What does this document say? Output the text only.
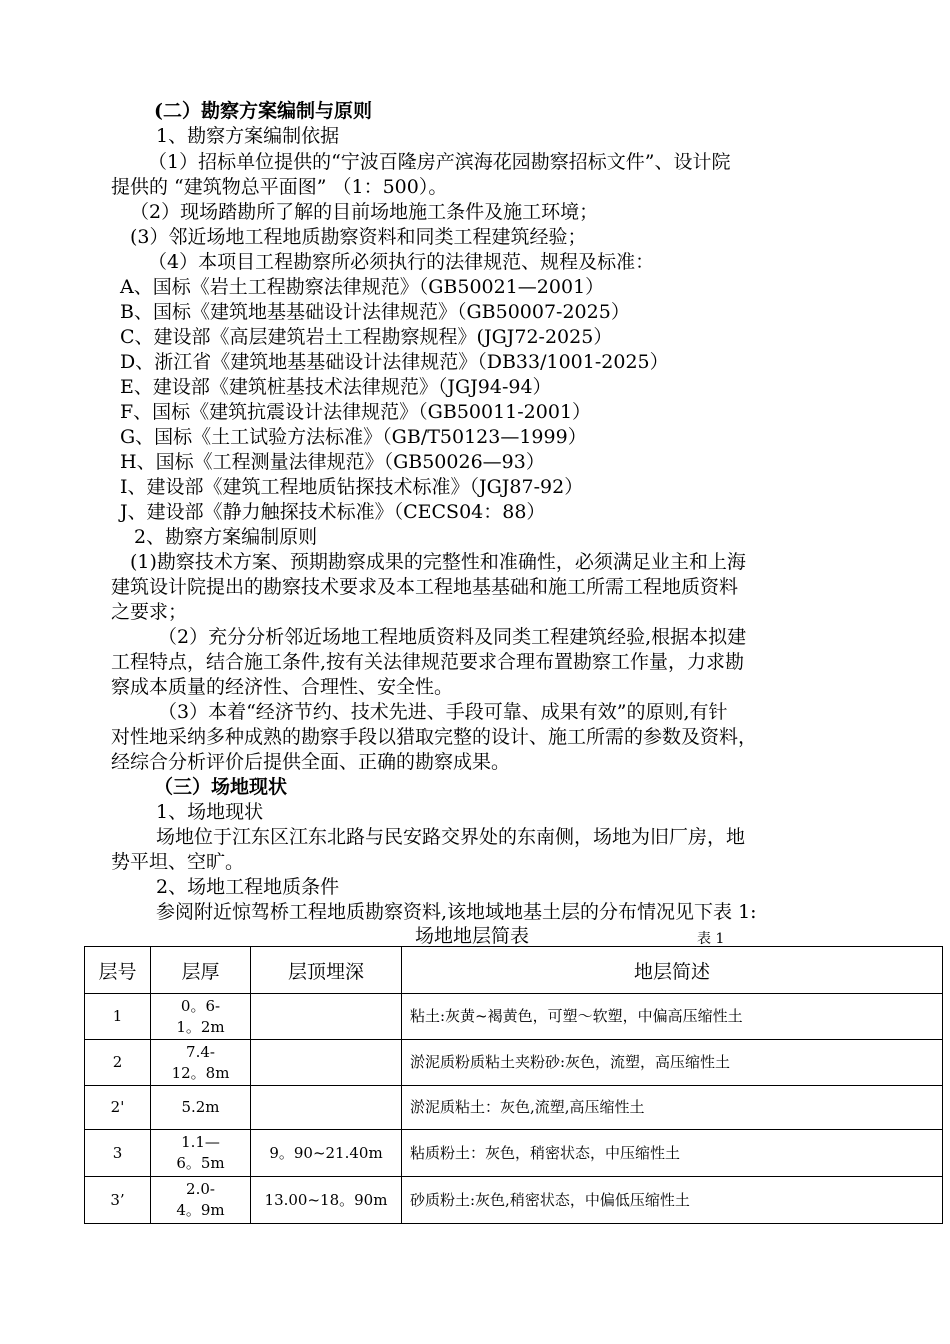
(二）勘察方案编制与原则
1、勘察方案编制依据
（1）招标单位提供的“宁波百隆房产滨海花园勘察招标文件”、设计院
提供的 “建筑物总平面图” （1：500）。
（2）现场踏勘所了解的目前场地施工条件及施工环境；
(3）邻近场地工程地质勘察资料和同类工程建筑经验；
（4）本项目工程勘察所必须执行的法律规范、规程及标准：
A、国标《岩土工程勘察法律规范》（GB50021—2001）
B、国标《建筑地基基础设计法律规范》（GB50007-2025）
C、建设部《高层建筑岩土工程勘察规程》(JGJ72-2025）
D、浙江省《建筑地基基础设计法律规范》（DB33/1001-2025）
E、建设部《建筑桩基技术法律规范》（JGJ94-94）
F、国标《建筑抗震设计法律规范》（GB50011-2001）
G、国标《土工试验方法标准》（GB/T50123—1999）
H、国标《工程测量法律规范》（GB50026—93）
I、建设部《建筑工程地质钻探技术标准》（JGJ87-92）
J、建设部《静力触探技术标准》（CECS04：88）
2、勘察方案编制原则
(1)勘察技术方案、预期勘察成果的完整性和准确性，必须满足业主和上海
建筑设计院提出的勘察技术要求及本工程地基基础和施工所需工程地质资料
之要求；
（2）充分分析邻近场地工程地质资料及同类工程建筑经验,根据本拟建
工程特点，结合施工条件,按有关法律规范要求合理布置勘察工作量，力求勘
察成本质量的经济性、合理性、安全性。
（3）本着“经济节约、技术先进、手段可靠、成果有效”的原则,有针
对性地采纳多种成熟的勘察手段以猎取完整的设计、施工所需的参数及资料，
经综合分析评价后提供全面、正确的勘察成果。
（三）场地现状
1、场地现状
场地位于江东区江东北路与民安路交界处的东南侧，场地为旧厂房，地
势平坦、空旷。
2、场地工程地质条件
参阅附近惊驾桥工程地质勘察资料,该地域地基土层的分布情况见下表 1:
场地地层简表	表 1
层号	层厚	层顶埋深	地层简述
1	0。6-
1。2m		粘土:灰黄~褐黄色，可塑～软塑，中偏高压缩性土
2	7.4-
12。8m		淤泥质粉质粘土夹粉砂:灰色，流塑，高压缩性土
2'	5.2m		淤泥质粘土：灰色,流塑,高压缩性土
3	1.1—
6。5m	9。90~21.40m	粘质粉土：灰色，稍密状态，中压缩性土
3’	2.0-
4。9m	13.00~18。90m	砂质粉土:灰色,稍密状态，中偏低压缩性土
